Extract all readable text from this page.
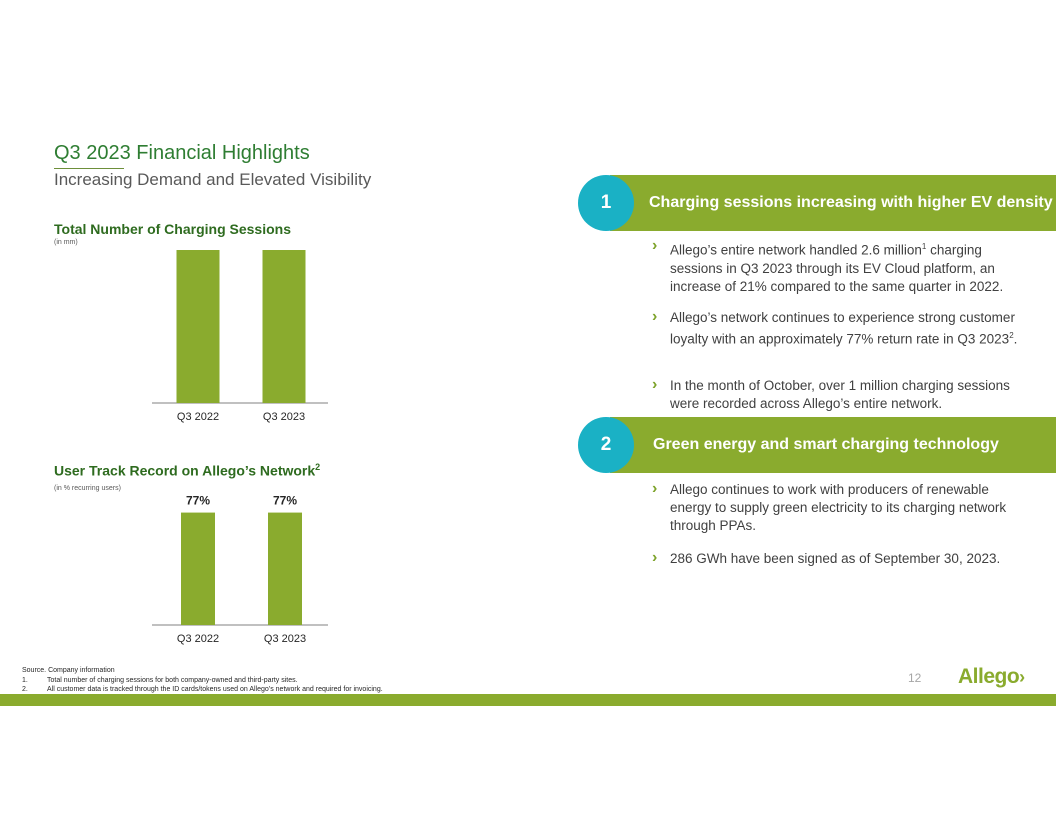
Q3 2023 Financial Highlights
Increasing Demand and Elevated Visibility
Total Number of Charging Sessions
(in mm)
Q3 2022	Q3 2023
User Track Record on Allego’s Network$^2$
(in % recurring users)
77%
Q3 2022
77%
Q3 2023
Charging sessions increasing with higher EV density
1
› Allego’s entire network handled 2.6 million$^1$ charging sessions in Q3 2023 through its EV Cloud platform, an increase of 21% compared to the same quarter in 2022.
› Allego’s network continues to experience strong customer loyalty with an approximately 77% return rate in Q3 2023$^2$.
› In the month of October, over 1 million charging sessions were recorded across Allego’s entire network.
Green energy and smart charging technology
2
› Allego continues to work with producers of renewable energy to supply green electricity to its charging network through PPAs.
› 286 GWh have been signed as of September 30, 2023.
Source. Company information
1.	Total number of charging sessions for both company-owned and third-party sites.
2.	All customer data is tracked through the ID cards/tokens used on Allego’s network and required for invoicing.
12 Allego›
